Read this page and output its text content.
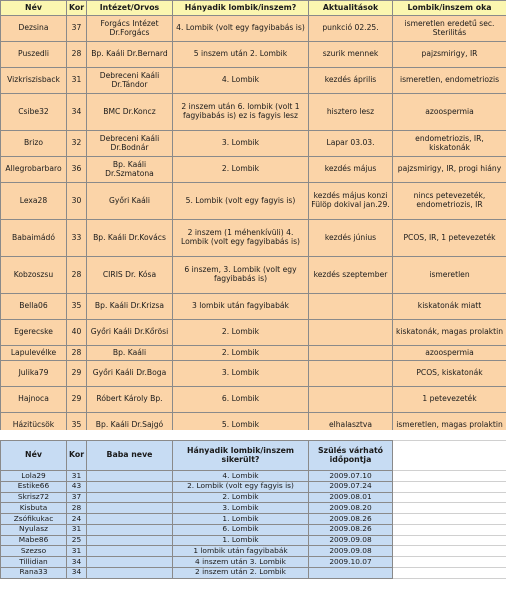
Név	Kor	Intézet/Orvos	Hányadik lombik/inszem?	Aktualitások	Lombik/inszem oka
Dezsina	37	Forgács Intézet Dr.Forgács	4. Lombik (volt egy fagyibabás is)	punkció 02.25.	ismeretlen eredetű sec. Sterilitás
Puszedli	28	Bp. Kaáli Dr.Bernard	5 inszem után 2. Lombik	szurik mennek	pajzsmirigy, IR
Vizkriszisback	31	Debreceni Kaáli Dr.Tándor	4. Lombik	kezdés április	ismeretlen, endometriozis
Csibe32	34	BMC Dr.Koncz	2 inszem után 6. lombik (volt 1 fagyibabás is) ez is fagyis lesz	hisztero lesz	azoospermia
Brizo	32	Debreceni Kaáli Dr.Bodnár	3. Lombik	Lapar 03.03.	endometriozis, IR, kiskatonák
Allegrobarbaro	36	Bp. Kaáli Dr.Szmatona	2. Lombik	kezdés május	pajzsmirigy, IR, progi hiány
Lexa28	30	Győri Kaáli	5. Lombik (volt egy fagyis is)	kezdés május konzi Fülöp dokival jan.29.	nincs petevezeték, endometriozis, IR
Babaimádó	33	Bp. Kaáli Dr.Kovács	2 inszem (1 méhenkívüli) 4. Lombik (volt egy fagyibabás is)	kezdés június	PCOS, IR, 1 petevezeték
Kobzoszsu	28	CIRIS Dr. Kósa	6 inszem, 3. Lombik (volt egy fagyibabás is)	kezdés szeptember	ismeretlen
Bella06	35	Bp. Kaáli Dr.Krizsa	3 lombik után fagyibabák		kiskatonák miatt
Egerecske	40	Győri Kaáli Dr.Kőrösi	2. Lombik		kiskatonák, magas prolaktin
Lapulevélke	28	Bp. Kaáli	2. Lombik		azoospermia
Julika79	29	Győri Kaáli Dr.Boga	3. Lombik		PCOS, kiskatonák
Hajnoca	29	Róbert Károly Bp.	6. Lombik		1 petevezeték
Házitücsök	35	Bp. Kaáli Dr.Sajgó	5. Lombik	elhalasztva	ismeretlen, magas prolaktin
Név	Kor	Baba neve	Hányadik lombik/inszem sikerült?	Szülés várható időpontja	
Lola29	31		4. Lombik	2009.07.10	
Estike66	43		2. Lombik (volt egy fagyis is)	2009.07.24	
Skrisz72	37		2. Lombik	2009.08.01	
Kisbuta	28		3. Lombik	2009.08.20	
Zsófikukac	24		1. Lombik	2009.08.26	
Nyulasz	31		6. Lombik	2009.08.26	
Mabe86	25		1. Lombik	2009.09.08	
Szezso	31		1 lombik után fagyibabák	2009.09.08	
Tillidian	34		4 inszem után 3. Lombik	2009.10.07	
Rana33	34		2 inszem után 2. Lombik		
